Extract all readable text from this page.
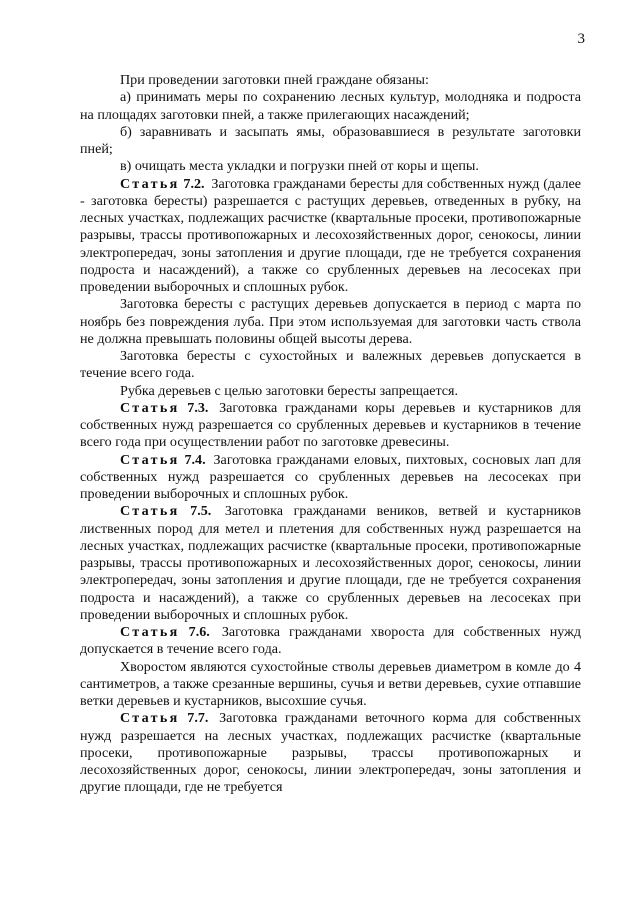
3

При проведении заготовки пней граждане обязаны:

а) принимать меры по сохранению лесных культур, молодняка и подроста на площадях заготовки пней, а также прилегающих насаждений;

б) заравнивать и засыпать ямы, образовавшиеся в результате заготовки пней;

в) очищать места укладки и погрузки пней от коры и щепы.

Статья 7.2. Заготовка гражданами бересты для собственных нужд (далее - заготовка бересты) разрешается с растущих деревьев, отведенных в рубку, на лесных участках, подлежащих расчистке (квартальные просеки, противопожарные разрывы, трассы противопожарных и лесохозяйственных дорог, сенокосы, линии электропередач, зоны затопления и другие площади, где не требуется сохранения подроста и насаждений), а также со срубленных деревьев на лесосеках при проведении выборочных и сплошных рубок.

Заготовка бересты с растущих деревьев допускается в период с марта по ноябрь без повреждения луба. При этом используемая для заготовки часть ствола не должна превышать половины общей высоты дерева.

Заготовка бересты с сухостойных и валежных деревьев допускается в течение всего года.

Рубка деревьев с целью заготовки бересты запрещается.

Статья 7.3. Заготовка гражданами коры деревьев и кустарников для собственных нужд разрешается со срубленных деревьев и кустарников в течение всего года при осуществлении работ по заготовке древесины.

Статья 7.4. Заготовка гражданами еловых, пихтовых, сосновых лап для собственных нужд разрешается со срубленных деревьев на лесосеках при проведении выборочных и сплошных рубок.

Статья 7.5. Заготовка гражданами веников, ветвей и кустарников лиственных пород для метел и плетения для собственных нужд разрешается на лесных участках, подлежащих расчистке (квартальные просеки, противопожарные разрывы, трассы противопожарных и лесохозяйственных дорог, сенокосы, линии электропередач, зоны затопления и другие площади, где не требуется сохранения подроста и насаждений), а также со срубленных деревьев на лесосеках при проведении выборочных и сплошных рубок.

Статья 7.6. Заготовка гражданами хвороста для собственных нужд допускается в течение всего года.

Хворостом являются сухостойные стволы деревьев диаметром в комле до 4 сантиметров, а также срезанные вершины, сучья и ветви деревьев, сухие отпавшие ветки деревьев и кустарников, высохшие сучья.

Статья 7.7. Заготовка гражданами веточного корма для собственных нужд разрешается на лесных участках, подлежащих расчистке (квартальные просеки, противопожарные разрывы, трассы противопожарных и лесохозяйственных дорог, сенокосы, линии электропередач, зоны затопления и другие площади, где не требуется
